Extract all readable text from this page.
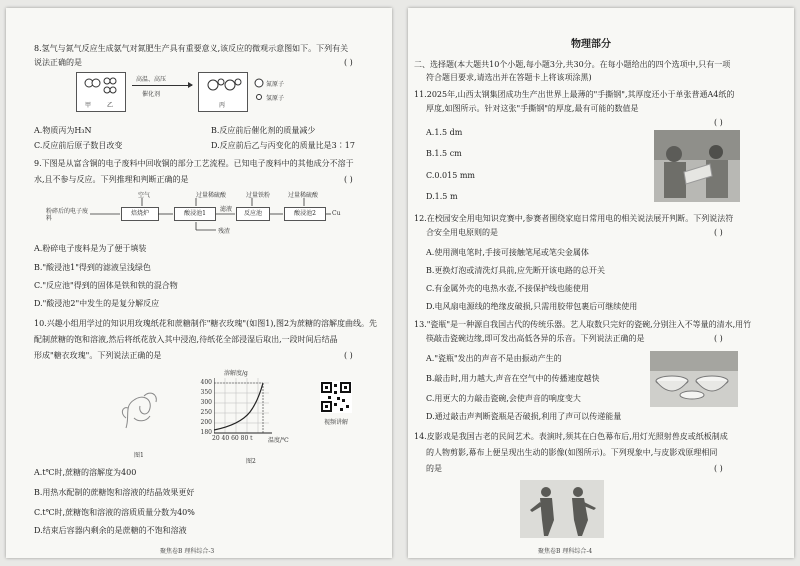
8.氢气与氮气反应生成氨气对氮肥生产具有重要意义,该反应的微观示意图如下。下列有关
说法正确的是	( )
甲	乙
高温、高压
催化剂
丙
氮原子
氢原子
A.物质丙为H₃N	B.反应前后催化剂的质量减少
C.反应前后原子数目改变	D.反应前后乙与丙变化的质量比是3∶17
9.下图是从富含铜的电子废料中回收铜的部分工艺流程。已知电子废料中的其他成分不溶于
水,且不参与反应。下列推理和判断正确的是	( )
空气	过量稀硫酸	过量铁粉	过量稀硫酸
粉碎后的电子废料
焙烧炉	酸浸池1
滤液
反应池	酸浸池2	Cu
残渣
A.粉碎电子废料是为了便于填装
B."酸浸池1"得到的滤液呈浅绿色
C."反应池"得到的固体是铁和铁的混合物
D."酸浸池2"中发生的是复分解反应
10.兴趣小组用学过的知识用玫瑰纸花和蔗糖制作"糖衣玫瑰"(如图1),图2为蔗糖的溶解度曲线。先
配制蔗糖的饱和溶液,然后将纸花放入其中浸泡,待纸花全部浸湿后取出,一段时间后结晶
形成"糖衣玫瑰"。下列说法正确的是	( )
图1
溶解度/g
400
350
300
250
200
180
20 40 60 80 t	温度/℃
图2
视频讲解
A.t℃时,蔗糖的溶解度为400
B.用热水配制的蔗糖饱和溶液的结晶效果更好
C.t℃时,蔗糖饱和溶液的溶质质量分数为40%
D.结束后容器内剩余的是蔗糖的不饱和溶液
聚焦卷B 理科综合-3
物理部分
二、选择题(本大题共10个小题,每小题3分,共30分。在每小题给出的四个选项中,只有一项
符合题目要求,请选出并在答题卡上将该项涂黑)
11.2025年,山西太钢集团成功生产出世界上最薄的"手撕钢",其厚度还小于单张普通A4纸的
厚度,如图所示。针对这张"手撕钢"的厚度,最有可能的数值是
( )
A.1.5 dm
B.1.5 cm
C.0.015 mm
D.1.5 m
12.在校园安全用电知识竞赛中,参赛者围绕家庭日常用电的相关说法展开判断。下列说法符
合安全用电原则的是	( )
A.使用测电笔时,手接可接触笔尾或笔尖金属体
B.更换灯泡或清洗灯具前,应先断开该电路的总开关
C.有金属外壳的电热水壶,不接保护线也能使用
D.电风扇电源线的绝缘皮破损,只需用胶带包裹后可继续使用
13."瓷瓶"是一种源自我国古代的传统乐器。艺人取数只完好的瓷碗,分别注入不等量的清水,用竹
筷敲击瓷碗边缘,即可发出高低各异的乐音。下列说法正确的是	( )
A."瓷瓶"发出的声音不是由振动产生的
B.敲击时,用力越大,声音在空气中的传播速度越快
C.用更大的力敲击瓷碗,会使声音的响度变大
D.通过敲击声判断瓷瓶是否破损,利用了声可以传递能量
14.皮影戏是我国古老的民间艺术。表演时,须其在白色幕布后,用灯光照射兽皮或纸板制成
的人物剪影,幕布上便呈现出生动的影像(如图所示)。下列现象中,与皮影戏原理相同
的是	( )
聚焦卷B 理科综合-4
